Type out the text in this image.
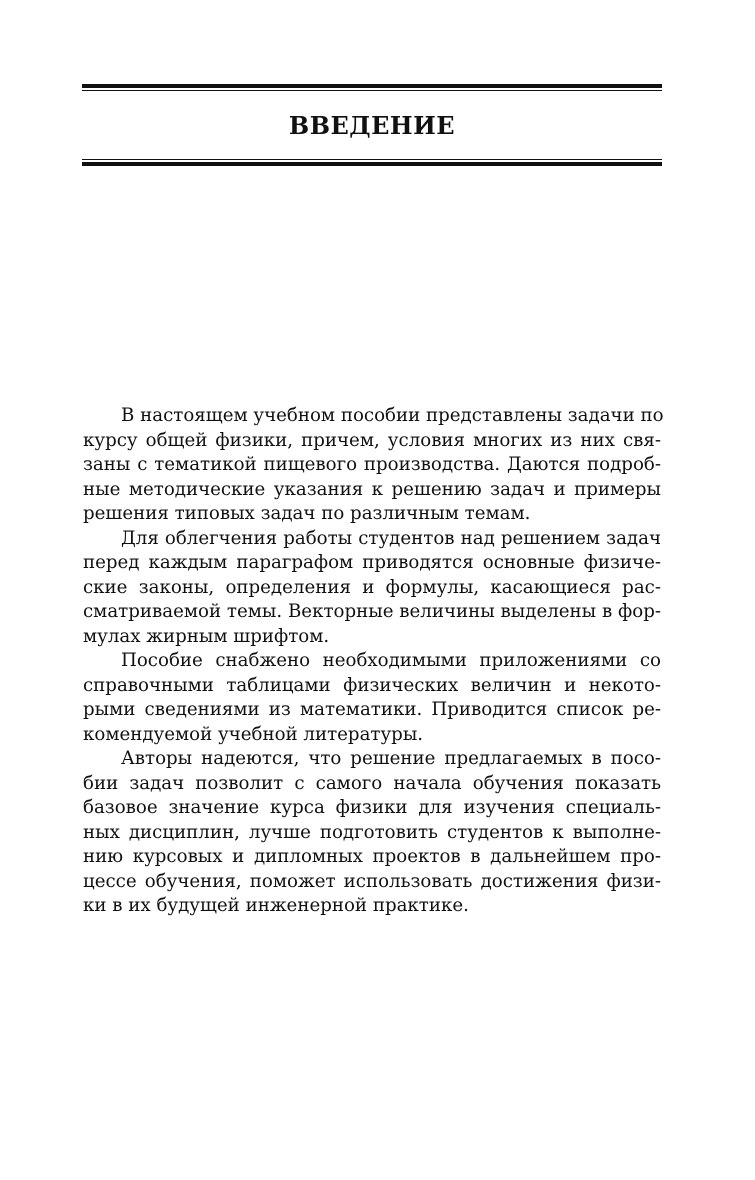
ВВЕДЕНИЕ

В настоящем учебном пособии представлены задачи по
курсу общей физики, причем, условия многих из них свя-
заны с тематикой пищевого производства. Даются подроб-
ные методические указания к решению задач и примеры
решения типовых задач по различным темам.

Для облегчения работы студентов над решением задач
перед каждым параграфом приводятся основные физиче-
ские законы, определения и формулы, касающиеся рас-
сматриваемой темы. Векторные величины выделены в фор-
мулах жирным шрифтом.

Пособие снабжено необходимыми приложениями со
справочными таблицами физических величин и некото-
рыми сведениями из математики. Приводится список ре-
комендуемой учебной литературы.

Авторы надеются, что решение предлагаемых в посо-
бии задач позволит с самого начала обучения показать
базовое значение курса физики для изучения специаль-
ных дисциплин, лучше подготовить студентов к выполне-
нию курсовых и дипломных проектов в дальнейшем про-
цессе обучения, поможет использовать достижения физи-
ки в их будущей инженерной практике.
